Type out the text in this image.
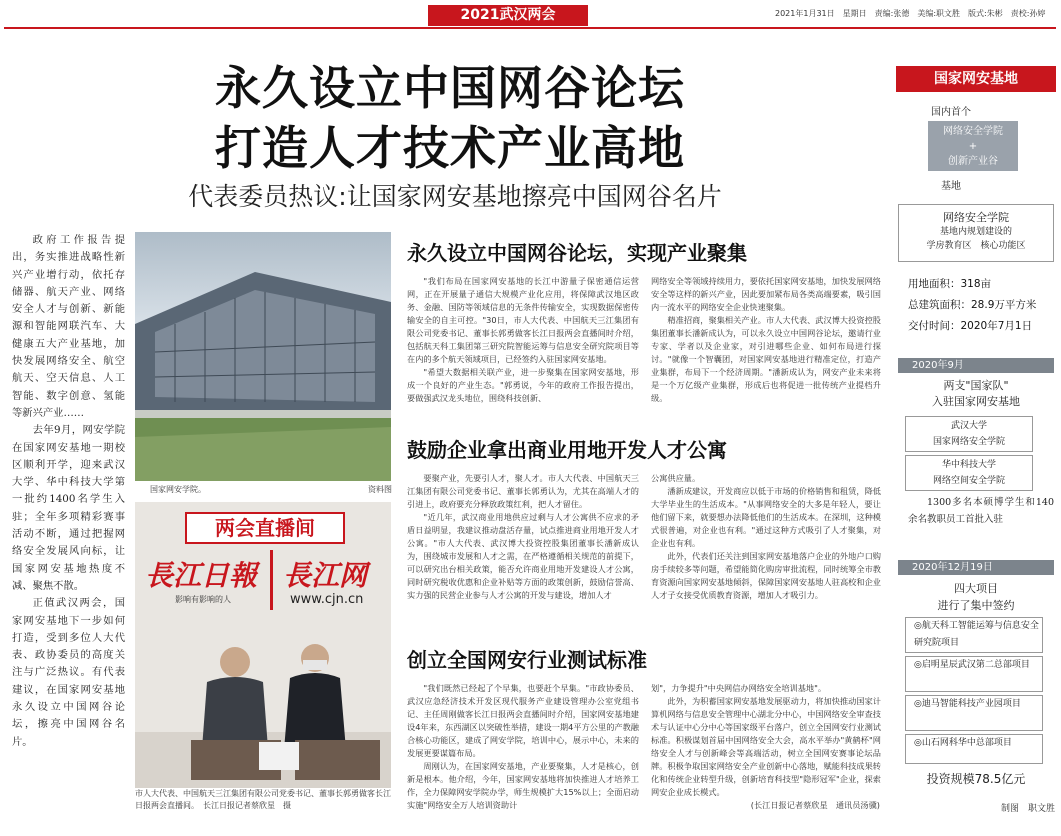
2021武汉两会	2021年1月31日　星期日　责编:张德　美编:职文胜　版式:朱彬　责校:孙婷
永久设立中国网谷论坛
打造人才技术产业高地
代表委员热议:让国家网安基地擦亮中国网谷名片

政府工作报告提出，务实推进战略性新兴产业增行动，依托存储器、航天产业、网络安全人才与创新、新能源和智能网联汽车、大健康五大产业基地，加快发展网络安全、航空航天、空天信息、人工智能、数字创意、氢能等新兴产业……

去年9月，网安学院在国家网安基地一期校区顺利开学，迎来武汉大学、华中科技大学第一批约1400名学生入驻；全年多项精彩赛事活动不断，通过把握网络安全发展风向标，让国家网安基地热度不减、聚焦不散。

正值武汉两会，国家网安基地下一步如何打造，受到多位人大代表、政协委员的高度关注与广泛热议。有代表建议，在国家网安基地永久设立中国网谷论坛，擦亮中国网谷名片。

国家网安学院。	资料图
两会直播间
長江日報 長江网
影响有影响的人	www.cjn.cn
市人大代表、中国航天三江集团有限公司党委书记、董事长郭勇做客长江日报两会直播间。　长江日报记者蔡欣星　摄
永久设立中国网谷论坛，实现产业聚集

"我们布局在国家网安基地的长江中游量子保密通信运营网，正在开展量子通信大规模产业化应用，将保障武汉地区政务、金融、国防等领域信息的无条件传输安全，实现数据保密传输安全的自主可控。"30日，市人大代表、中国航天三江集团有限公司党委书记、董事长郭勇做客长江日报两会直播间时介绍，包括航天科工集团第三研究院智能运筹与信息安全研究院项目等在内的多个航天领域项目，已经签约入驻国家网安基地。

"希望大数据相关联产业，进一步聚集在国家网安基地，形成一个良好的产业生态。"郭勇说，今年的政府工作报告提出，要做强武汉龙头地位，围绕科技创新、

网络安全等领域持续用力，要依托国家网安基地，加快发展网络安全等这样的新兴产业，因此要加紧布局各类高端要素，吸引国内一流水平的网络安全企业快速聚集。

精准招商，聚集相关产业。市人大代表、武汉博大投资控股集团董事长潘新成认为，可以永久设立中国网谷论坛，邀请行业专家、学者以及企业家，对引进哪些企业、如何布局进行探讨。"就像一个智囊团，对国家网安基地进行精准定位，打造产业集群，布局下一个经济周期。"潘新成认为，网安产业未来将是一个万亿级产业集群，形成后也将促进一批传统产业提档升级。

鼓励企业拿出商业用地开发人才公寓

要聚产业，先要引人才，聚人才。市人大代表、中国航天三江集团有限公司党委书记、董事长郭勇认为，尤其在高端人才的引进上，政府要充分释放政策红利，把人才留住。

"近几年，武汉商业用地供应过剩与人才公寓供不应求的矛盾日益明显，我建议推动盘活存量，试点推进商业用地开发人才公寓。"市人大代表、武汉博大投资控股集团董事长潘新成认为，围绕城市发展和人才之需，在严格遵循相关规范的前提下，可以研究出台相关政策，能否允许商业用地开发建设人才公寓，同时研究税收优惠和企业补贴等方面的政策创新，鼓励信誉高、实力强的民营企业参与人才公寓的开发与建设，增加人才

公寓供应量。

潘新成建议，开发商应以低于市场的价格销售和租赁，降低大学毕业生的生活成本。"从事网络安全的大多是年轻人，要让他们留下来，就要想办法降低他们的生活成本。在深圳，这种模式很普遍，对企业也有利。"通过这种方式吸引了人才聚集，对企业也有利。

此外，代表们还关注到国家网安基地落户企业的外地户口购房手续较多等问题，希望能简化购房审批流程，同时统筹全市教育资源向国家网安基地倾斜，保障国家网安基地人驻高校和企业人才子女接受优质教育资源，增加人才吸引力。

创立全国网安行业测试标准

"我们既然已经起了个早集，也要赶个早集。"市政协委员、武汉应急经济技术开发区现代服务产业建设管理办公室党组书记、主任周刚做客长江日报两会直播间时介绍，国家网安基地建设4年来，东西湖区以突破性举措，建设一期4平方公里的产教融合核心功能区，建成了网安学院，培训中心，展示中心，未来的发展更要谋篇布局。

周刚认为，在国家网安基地，产业要聚集，人才是核心，创新是根本。他介绍，今年，国家网安基地将加快推进人才培养工作，全力保障网安学院办学，师生规模扩大15%以上；全面启动实施"网络安全万人培训资助计

划"，力争提升"中央网信办网络安全培训基地"。

此外，为积蓄国家网安基地发展驱动力，将加快推动国家计算机网络与信息安全管理中心湖北分中心，中国网络安全审查技术与认证中心分中心等国家级平台落户，创立全国网安行业测试标准。积极谋划首届中国网络安全大会，高水平举办"黄鹤杯"网络安全人才与创新峰会等高端活动，树立全国网安赛事论坛品牌。积极争取国家网络安全产业创新中心落地，赋能科技成果转化和传统企业转型升级，创新培育科技型"隐形冠军"企业，探索网安企业成长模式。

(长江日报记者蔡欣星　通讯员汤骥)
国家网安基地
国内首个
网络安全学院
+
创新产业谷
基地
网络安全学院
基地内规划建设的
学房教育区　核心功能区
用地面积：318亩
总建筑面积：28.9万平方米
交付时间：2020年7月1日
2020年9月
两支"国家队"
入驻国家网安基地
武汉大学
国家网络安全学院
华中科技大学
网络空间安全学院
1300多名本硕博学生和140余名教职员工首批入驻
2020年12月19日
四大项目
进行了集中签约
◎航天科工智能运筹与信息安全研究院项目
◎启明星辰武汉第二总部项目
◎迪马智能科技产业园项目
◎山石网科华中总部项目
投资规模78.5亿元
制图　职文胜
